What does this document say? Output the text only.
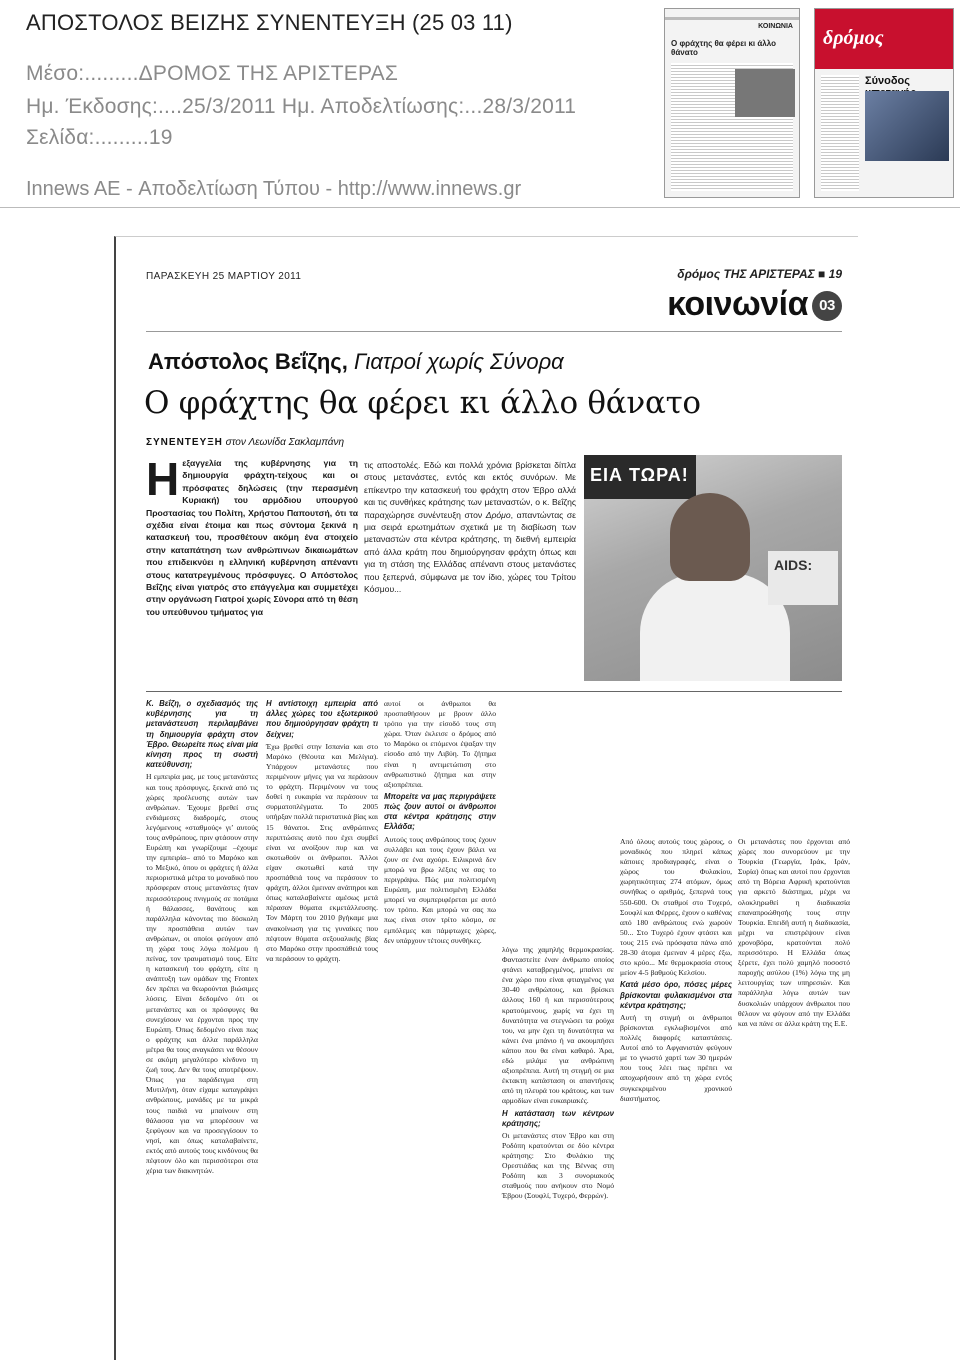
ΑΠΟΣΤΟΛΟΣ ΒΕΙΖΗΣ ΣΥΝΕΝΤΕΥΞΗ (25 03 11)
Μέσο:.........ΔΡΟΜΟΣ ΤΗΣ ΑΡΙΣΤΕΡΑΣ
Ημ. Έκδοσης:....25/3/2011 Ημ. Αποδελτίωσης:...28/3/2011
Σελίδα:.........19
Innews AE - Αποδελτίωση Τύπου - http://www.innews.gr
ΚΟΙΝΩΝΙΑ
Ο φράχτης θα φέρει κι άλλο θάνατο
δρόμος
Σύνοδος
ΠΑΡΑΣΚΕΥΗ 25 ΜΑΡΤΙΟΥ 2011	δρόμος ΤΗΣ ΑΡΙΣΤΕΡΑΣ ■ 19
κοινωνία 03
Απόστολος Βεΐζης, Γιατροί χωρίς Σύνορα
Ο φράχτης θα φέρει κι άλλο θάνατο
ΣΥΝΕΝΤΕΥΞΗ στον Λεωνίδα Σακλαμπάνη
Ηεξαγγελία της κυβέρνησης για τη δημιουργία φράχτη-τείχους και οι πρόσφατες δηλώσεις (την περασμένη Κυριακή) του αρμόδιου υπουργού Προστασίας του Πολίτη, Χρήστου Παπουτσή, ότι τα σχέδια είναι έτοιμα και πως σύντομα ξεκινά η κατασκευή του, προσθέτουν ακόμη ένα στοιχείο στην καταπάτηση των ανθρώπινων δικαιωμάτων που επιδεικνύει η ελληνική κυβέρνηση απέναντι στους κατατρεγμένους πρόσφυγες. Ο Απόστολος Βεΐζης είναι γιατρός στο επάγγελμα και συμμετέχει στην οργάνωση Γιατροί χωρίς Σύνορα από τη θέση του υπεύθυνου τμήματος για
τις αποστολές. Εδώ και πολλά χρόνια βρίσκεται δίπλα στους μετανάστες, εντός και εκτός συνόρων. Με επίκεντρο την κατασκευή του φράχτη στον Έβρο αλλά και τις συνθήκες κράτησης των μεταναστών, ο κ. Βεΐζης παραχώρησε συνέντευξη στον Δρόμο, απαντώντας σε μια σειρά ερωτημάτων σχετικά με τη διαβίωση των μεταναστών στα κέντρα κράτησης, τη διεθνή εμπειρία από άλλα κράτη που δημιούργησαν φράχτη όπως και για τη στάση της Ελλάδας απέναντι στους μετανάστες που ξεπερνά, σύμφωνα με τον ίδιο, χώρες του Τρίτου Κόσμου...
ΕΙΑ ΤΩΡΑ!
AIDS:
Κ. Βεΐζη, ο σχεδιασμός της κυβέρνησης για τη μετανάστευση περιλαμβάνει τη δημιουργία φράχτη στον Έβρο. Θεωρείτε πως είναι μία κίνηση προς τη σωστή κατεύθυνση;
Η εμπειρία μας, με τους μετανάστες και τους πρόσφυγες, ξεκινά από τις χώρες προέλευσης αυτών των ανθρώπων. Έχουμε βρεθεί στις ενδιάμεσες διαδρομές, στους λεγόμενους «σταθμούς» γι’ αυτούς τους ανθρώπους, πριν φτάσουν στην Ευρώπη και γνωρίζουμε –έχουμε την εμπειρία– από το Μαρόκο και το Μεξικό, όπου οι φράχτες ή άλλα περιοριστικά μέτρα το μοναδικό που πρόσφεραν στους μετανάστες ήταν περισσότερους πνιγμούς σε ποτάμια ή θάλασσες, θανάτους και παράλληλα κάνοντας πιο δύσκολη την προσπάθεια αυτών των ανθρώπων, οι οποίοι φεύγουν από τη χώρα τους λόγω πολέμου ή πείνας, τον τραυματισμό τους. Είτε η κατασκευή του φράχτη, είτε η ανάπτυξη των ομάδων της Frontex δεν πρέπει να θεωρούνται βιώσιμες λύσεις. Είναι δεδομένο ότι οι μετανάστες και οι πρόσφυγες θα συνεχίσουν να έρχονται προς την Ευρώπη. Όπως δεδομένο είναι πως ο φράχτης και άλλα παράλληλα μέτρα θα τους αναγκάσει να θέσουν σε ακόμη μεγαλύτερο κίνδυνο τη ζωή τους. Δεν θα τους αποτρέψουν. Όπως για παράδειγμα στη Μυτιλήνη, όταν είχαμε καταγράψει ανθρώπους, μανάδες με τα μικρά τους παιδιά να μπαίνουν στη θάλασσα για να μπορέσουν να ξεφύγουν και να προσεγγίσουν το νησί, και όπως καταλαβαίνετε, εκτός από αυτούς τους κινδύνους θα πέφτουν όλο και περισσότεροι στα χέρια των διακινητών.
Η αντίστοιχη εμπειρία από άλλες χώρες του εξωτερικού που δημιούργησαν φράχτη τι δείχνει;
Έχω βρεθεί στην Ισπανία και στο Μαρόκο (Θέουτα και Μελίγια). Υπάρχουν μετανάστες που περιμένουν μήνες για να περάσουν το φράχτη. Περιμένουν να τους δοθεί η ευκαιρία να περάσουν τα συρματοπλέγματα. Το 2005 υπήρξαν πολλά περιστατικά βίας και 15 θάνατοι. Στις ανθρώπινες περιπτώσεις αυτό που έχει συμβεί είναι να ανοίξουν πυρ και να σκοτωθούν οι άνθρωποι. Άλλοι είχαν σκοτωθεί κατά την προσπάθειά τους να περάσουν το φράχτη, άλλοι έμειναν ανάπηροι και όπως καταλαβαίνετε αμέσως μετά πέρασαν θύματα εκμετάλλευσης. Τον Μάρτη του 2010 βγήκαμε μια ανακοίνωση για τις γυναίκες που πέφτουν θύματα σεξουαλικής βίας στο Μαρόκο στην προσπάθειά τους να περάσουν το φράχτη.
αυτοί οι άνθρωποι θα προσπαθήσουν με βρουν άλλο τρόπο για την είσοδό τους στη χώρα. Όταν έκλεισε ο δρόμος από το Μαρόκο οι επόμενοι έψαξαν την είσοδο από την Λιβύη. Το ζήτημα είναι η αντιμετώπιση στο ανθρωπιστικό ζήτημα και στην αξιοπρέπεια.
Μπορείτε να μας περιγράψετε πώς ζουν αυτοί οι άνθρωποι στα κέντρα κράτησης στην Ελλάδα;
Αυτούς τους ανθρώπους τους έχουν συλλάβει και τους έχουν βάλει να ζουν σε ένα αχούρι. Ειλικρινά δεν μπορώ να βρω λέξεις να σας το περιγράψω. Πώς μια πολιτισμένη Ευρώπη, μια πολιτισμένη Ελλάδα μπορεί να συμπεριφέρεται με αυτό τον τρόπο. Και μπορώ να σας πω πως είναι στον τρίτο κόσμο, σε εμπόλεμες και πάμφτωχες χώρες, δεν υπάρχουν τέτοιες συνθήκες.
λόγω της χαμηλής θερμοκρασίας. Φανταστείτε έναν άνθρωπο οποίος φτάνει καταβρεγμένος, μπαίνει σε ένα χώρο που είναι φτιαγμένος για 30-40 ανθρώπους, και βρίσκει άλλους 160 ή και περισσότερους κρατούμενους, χωρίς να έχει τη δυνατότητα να στεγνώσει τα ρούχα του, να μην έχει τη δυνατότητα να κάνει ένα μπάνιο ή να ακουμπήσει κάπου που θα είναι καθαρό. Άρα, εδώ μιλάμε για ανθρώπινη αξιοπρέπεια. Αυτή τη στιγμή σε μια έκτακτη κατάσταση οι απαντήσεις από τη πλευρά του κράτους, και των αρμοδίων είναι ευκαιριακές.
Η κατάσταση των κέντρων κράτησης;
Οι μετανάστες στον Έβρο και στη Ροδόπη κρατούνται σε δύο κέντρα κράτησης: Στο Φυλάκιο της Ορεστιάδας και της Βέννας στη Ροδόπη και 3 συνοριακούς σταθμούς που ανήκουν στο Νομό Έβρου (Σουφλί, Τυχερό, Φερρών).
Από όλους αυτούς τους χώρους, ο μοναδικός που πληρεί κάπως κάποιες προδιαγραφές, είναι ο χώρος του Φυλακίου, χωρητικότητας 274 ατόμων, όμως συνήθως ο αριθμός, ξεπερνά τους 550-600. Οι σταθμοί στο Τυχερό, Σουφλί και Φέρρες, έχουν ο καθένας από 180 ανθρώπους ενώ χωρούν 50... Στο Τυχερό έχουν φτάσει και τους 215 ενώ πρόσφατα πάνω από 28-30 άτομα έμειναν 4 μέρες έξω, στο κρύο... Με θερμοκρασία στους μείον 4-5 βαθμούς Κελσίου.
Κατά μέσο όρο, πόσες μέρες βρίσκονται φυλακισμένοι στα κέντρα κράτησης;
Αυτή τη στιγμή οι άνθρωποι βρίσκονται εγκλωβισμένοι από πολλές διαφορές καταστάσεις. Αυτοί από το Αφγανιστάν φεύγουν με το γνωστό χαρτί των 30 ημερών που τους λέει πως πρέπει να αποχωρήσουν από τη χώρα εντός συγκεκριμένου χρονικού διαστήματος.
Οι μετανάστες που έρχονται από χώρες που συνορεύουν με την Τουρκία (Γεωργία, Ιράκ, Ιράν, Συρία) όπως και αυτοί που έρχονται από τη Βόρεια Αφρική κρατούνται για αρκετό διάστημα, μέχρι να ολοκληρωθεί η διαδικασία επαναπροώθησής τους στην Τουρκία. Επειδή αυτή η διαδικασία, μέχρι να επιστρέψουν είναι χρονοβόρα, κρατούνται πολύ περισσότερο. Η Ελλάδα όπως ξέρετε, έχει πολύ χαμηλό ποσοστό παροχής ασύλου (1%) λόγω της μη λειτουργίας των υπηρεσιών. Και παράλληλα λόγω αυτών των δυσκολιών υπάρχουν άνθρωποι που θέλουν να φύγουν από την Ελλάδα και να πάνε σε άλλα κράτη της Ε.Ε.
